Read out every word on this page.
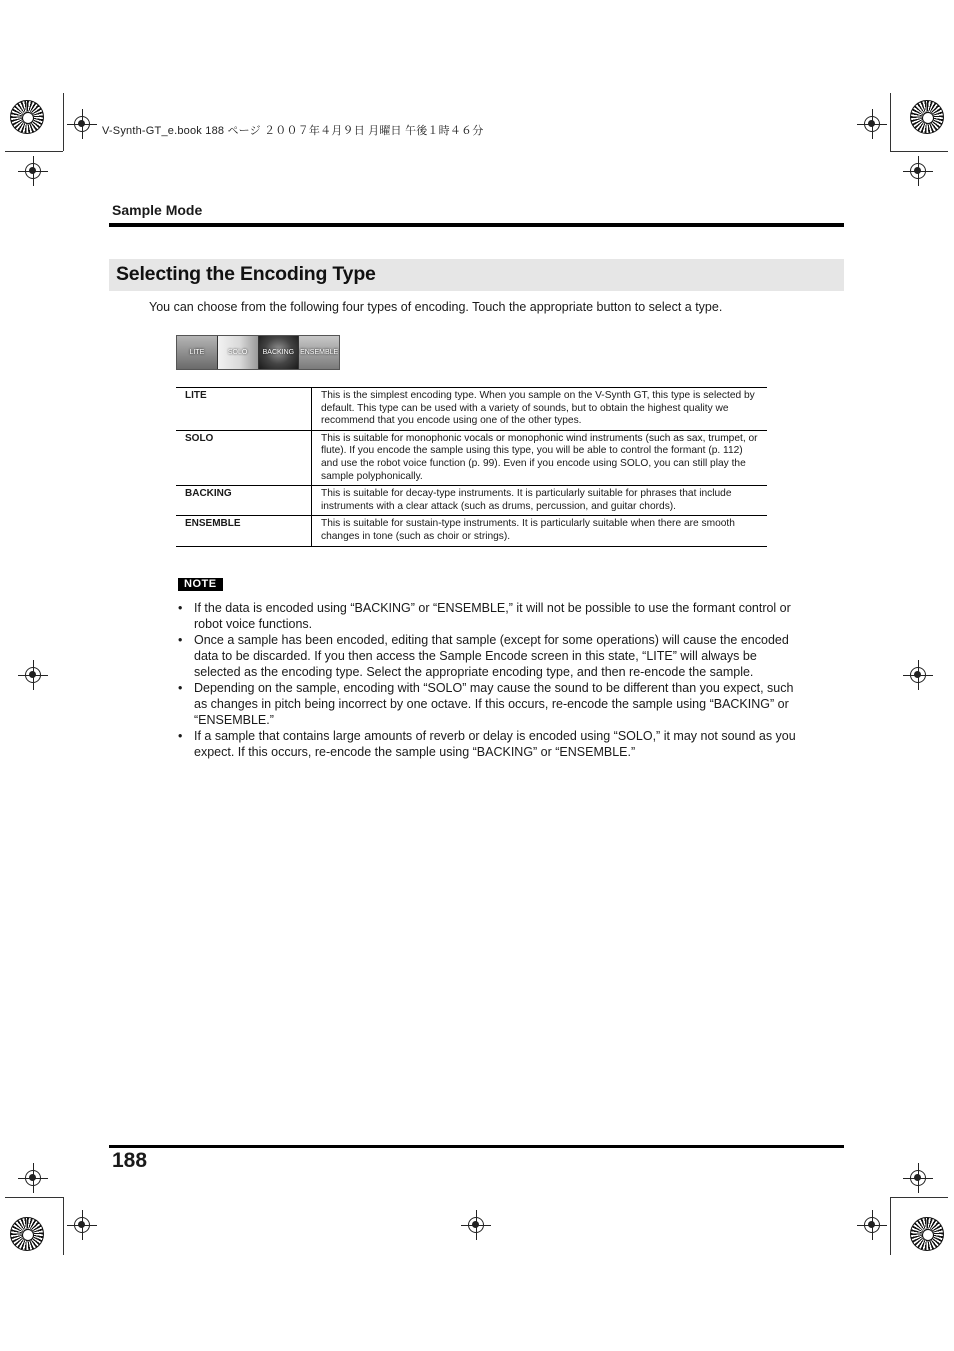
V-Synth-GT_e.book 188 ページ ２００７年４月９日 月曜日 午後１時４６分
Sample Mode
Selecting the Encoding Type
You can choose from the following four types of encoding. Touch the appropriate button to select a type.
LITE	SOLO BACKING ENSEMBLE
LITE	This is the simplest encoding type. When you sample on the V-Synth GT, this type is selected by default. This type can be used with a variety of sounds, but to obtain the highest quality we recommend that you encode using one of the other types.
SOLO	This is suitable for monophonic vocals or monophonic wind instruments (such as sax, trumpet, or flute). If you encode the sample using this type, you will be able to control the formant (p. 112) and use the robot voice function (p. 99). Even if you encode using SOLO, you can still play the sample polyphonically.
BACKING	This is suitable for decay-type instruments. It is particularly suitable for phrases that include instruments with a clear attack (such as drums, percussion, and guitar chords).
ENSEMBLE	This is suitable for sustain-type instruments. It is particularly suitable when there are smooth changes in tone (such as choir or strings).
NOTE
• If the data is encoded using “BACKING” or “ENSEMBLE,” it will not be possible to use the formant control or robot voice functions.
• Once a sample has been encoded, editing that sample (except for some operations) will cause the encoded data to be discarded. If you then access the Sample Encode screen in this state, “LITE” will always be selected as the encoding type. Select the appropriate encoding type, and then re-encode the sample.
• Depending on the sample, encoding with “SOLO” may cause the sound to be different than you expect, such as changes in pitch being incorrect by one octave. If this occurs, re-encode the sample using “BACKING” or “ENSEMBLE.”
• If a sample that contains large amounts of reverb or delay is encoded using “SOLO,” it may not sound as you expect. If this occurs, re-encode the sample using “BACKING” or “ENSEMBLE.”
188
